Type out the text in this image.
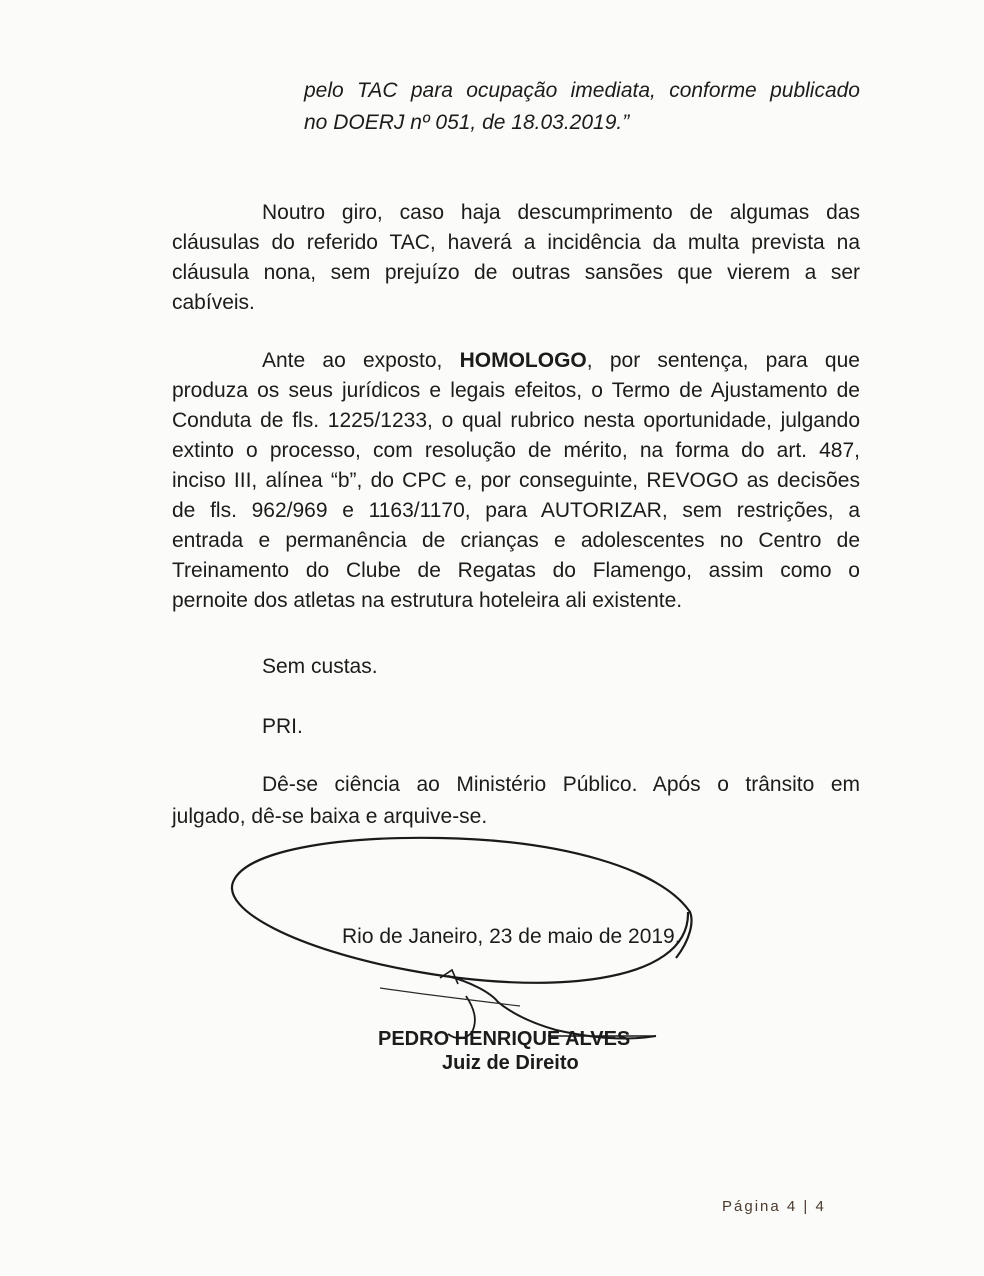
pelo TAC para ocupação imediata, conforme publicado
no DOERJ nº 051, de 18.03.2019.”
Noutro giro, caso haja descumprimento de algumas das
cláusulas do referido TAC, haverá a incidência da multa prevista na
cláusula nona, sem prejuízo de outras sansões que vierem a ser
cabíveis.
Ante ao exposto, HOMOLOGO, por sentença, para que
produza os seus jurídicos e legais efeitos, o Termo de Ajustamento de
Conduta de fls. 1225/1233, o qual rubrico nesta oportunidade, julgando
extinto o processo, com resolução de mérito, na forma do art. 487,
inciso III, alínea “b”, do CPC e, por conseguinte, REVOGO as decisões
de fls. 962/969 e 1163/1170, para AUTORIZAR, sem restrições, a
entrada e permanência de crianças e adolescentes no Centro de
Treinamento do Clube de Regatas do Flamengo, assim como o
pernoite dos atletas na estrutura hoteleira ali existente.
Sem custas.
PRI.
Dê-se ciência ao Ministério Público. Após o trânsito em
julgado, dê-se baixa e arquive-se.
Rio de Janeiro, 23 de maio de 2019.
PEDRO HENRIQUE ALVES
Juiz de Direito
Página 4 | 4
